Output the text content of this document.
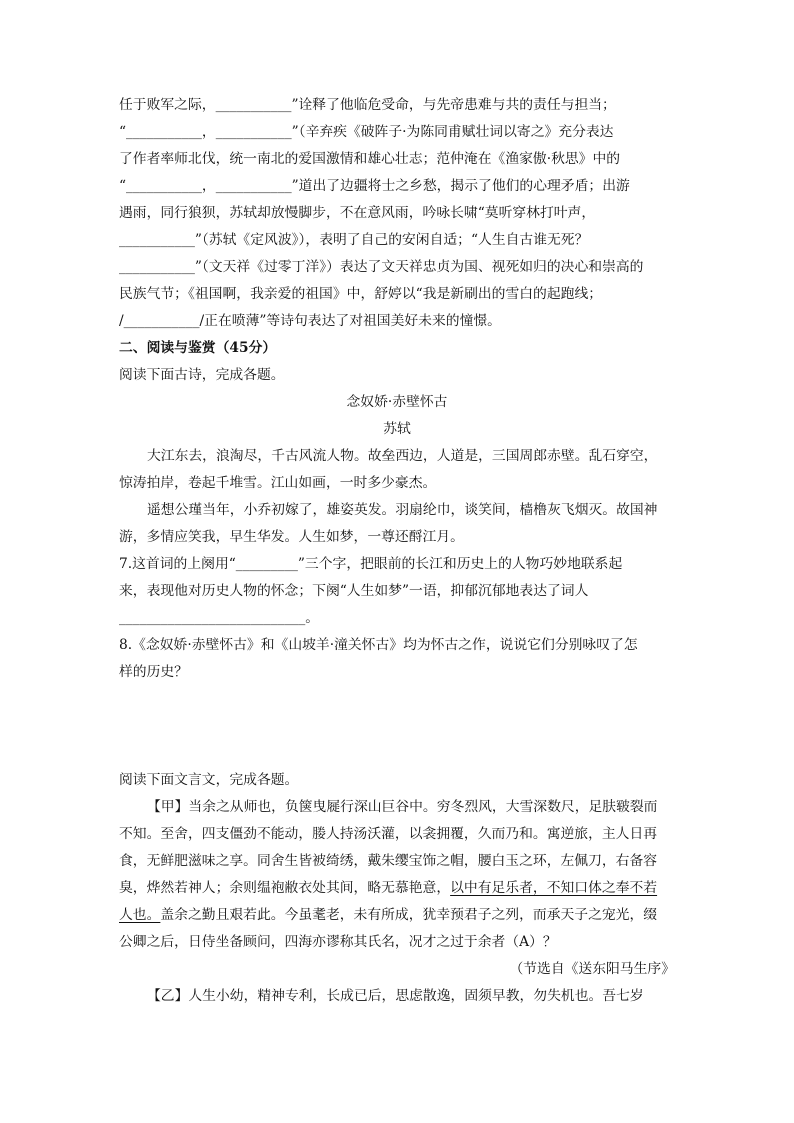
任于败军之际，___________”诠释了他临危受命，与先帝患难与共的责任与担当；
“___________，___________”（辛弃疾《破阵子·为陈同甫赋壮词以寄之》充分表达
了作者率师北伐，统一南北的爱国激情和雄心壮志；范仲淹在《渔家傲·秋思》中的
“___________，___________”道出了边疆将士之乡愁，揭示了他们的心理矛盾；出游
遇雨，同行狼狈，苏轼却放慢脚步，不在意风雨，吟咏长啸“莫听穿林打叶声，
___________”（苏轼《定风波》），表明了自己的安闲自适；“人生自古谁无死？
___________”（文天祥《过零丁洋》）表达了文天祥忠贞为国、视死如归的决心和崇高的
民族气节；《祖国啊，我亲爱的祖国》中，舒婷以“我是新刷出的雪白的起跑线；
/___________/正在喷薄”等诗句表达了对祖国美好未来的憧憬。
二、阅读与鉴赏（45分）
阅读下面古诗，完成各题。
念奴娇·赤壁怀古
苏轼
大江东去，浪淘尽，千古风流人物。故垒西边，人道是，三国周郎赤壁。乱石穿空，
惊涛拍岸，卷起千堆雪。江山如画，一时多少豪杰。
遥想公瑾当年，小乔初嫁了，雄姿英发。羽扇纶巾，谈笑间，樯橹灰飞烟灭。故国神
游，多情应笑我，早生华发。人生如梦，一尊还酹江月。
7.这首词的上阕用“_________”三个字，把眼前的长江和历史上的人物巧妙地联系起
来，表现他对历史人物的怀念；下阕“人生如梦”一语，抑郁沉郁地表达了词人
___________________________。
8.《念奴娇·赤壁怀古》和《山坡羊·潼关怀古》均为怀古之作，说说它们分别咏叹了怎
样的历史？
阅读下面文言文，完成各题。
【甲】当余之从师也，负箧曳屣行深山巨谷中。穷冬烈风，大雪深数尺，足肤皲裂而
不知。至舍，四支僵劲不能动，媵人持汤沃灌，以衾拥覆，久而乃和。寓逆旅，主人日再
食，无鲜肥滋味之享。同舍生皆被绮绣，戴朱缨宝饰之帽，腰白玉之环，左佩刀，右备容
臭，烨然若神人；余则缊袍敝衣处其间，略无慕艳意，以中有足乐者，不知口体之奉不若
人也。盖余之勤且艰若此。今虽耄老，未有所成，犹幸预君子之列，而承天子之宠光，缀
公卿之后，日侍坐备顾问，四海亦谬称其氏名，况才之过于余者（A）？
（节选自《送东阳马生序》
【乙】人生小幼，精神专利，长成已后，思虑散逸，固须早教，勿失机也。吾七岁
